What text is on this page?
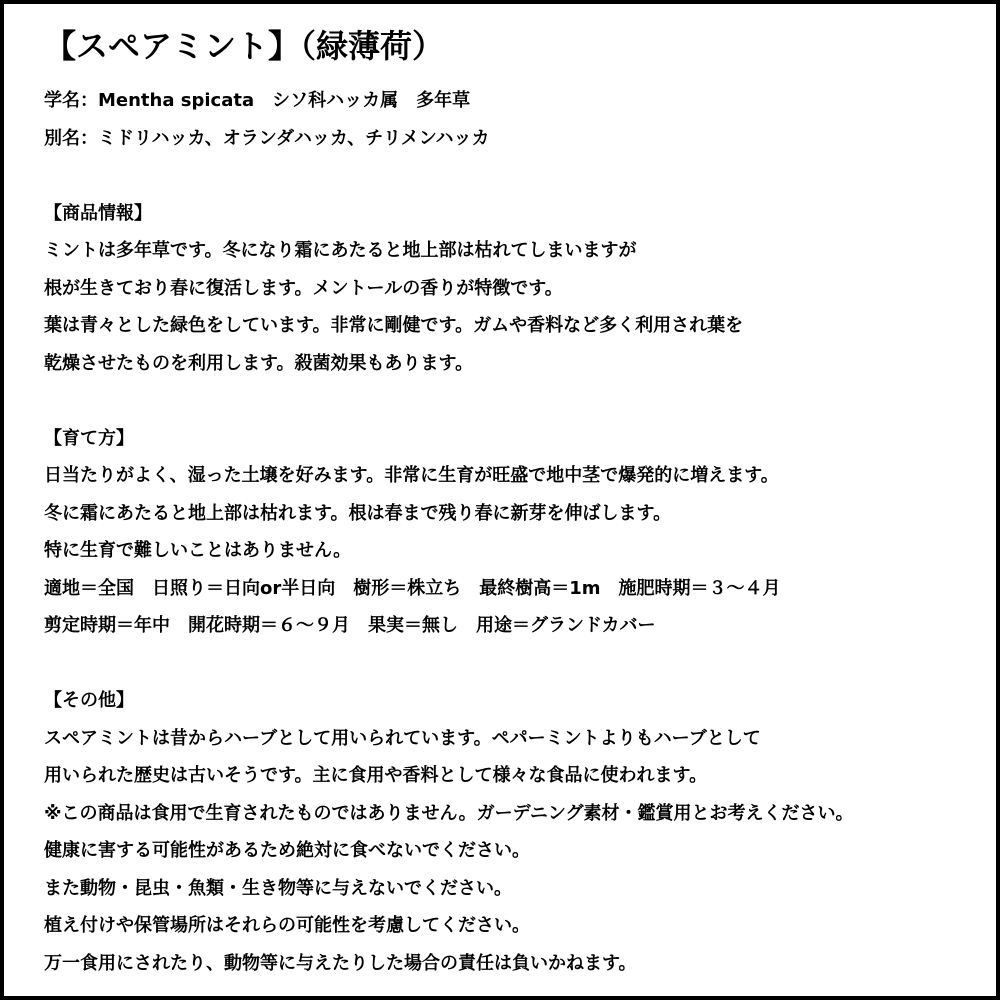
【スペアミント】（緑薄荷）
学名：Mentha spicata　シソ科ハッカ属　多年草
別名：ミドリハッカ、オランダハッカ、チリメンハッカ
【商品情報】
ミントは多年草です。冬になり霜にあたると地上部は枯れてしまいますが
根が生きており春に復活します。メントールの香りが特徴です。
葉は青々とした緑色をしています。非常に剛健です。ガムや香料など多く利用され葉を
乾燥させたものを利用します。殺菌効果もあります。
【育て方】
日当たりがよく、湿った土壌を好みます。非常に生育が旺盛で地中茎で爆発的に増えます。
冬に霜にあたると地上部は枯れます。根は春まで残り春に新芽を伸ばします。
特に生育で難しいことはありません。
適地＝全国　日照り＝日向or半日向　樹形＝株立ち　最終樹高＝1m　施肥時期＝３～４月
剪定時期＝年中　開花時期＝６～９月　果実＝無し　用途＝グランドカバー
【その他】
スペアミントは昔からハーブとして用いられています。ペパーミントよりもハーブとして
用いられた歴史は古いそうです。主に食用や香料として様々な食品に使われます。
※この商品は食用で生育されたものではありません。ガーデニング素材・鑑賞用とお考えください。
健康に害する可能性があるため絶対に食べないでください。
また動物・昆虫・魚類・生き物等に与えないでください。
植え付けや保管場所はそれらの可能性を考慮してください。
万一食用にされたり、動物等に与えたりした場合の責任は負いかねます。
